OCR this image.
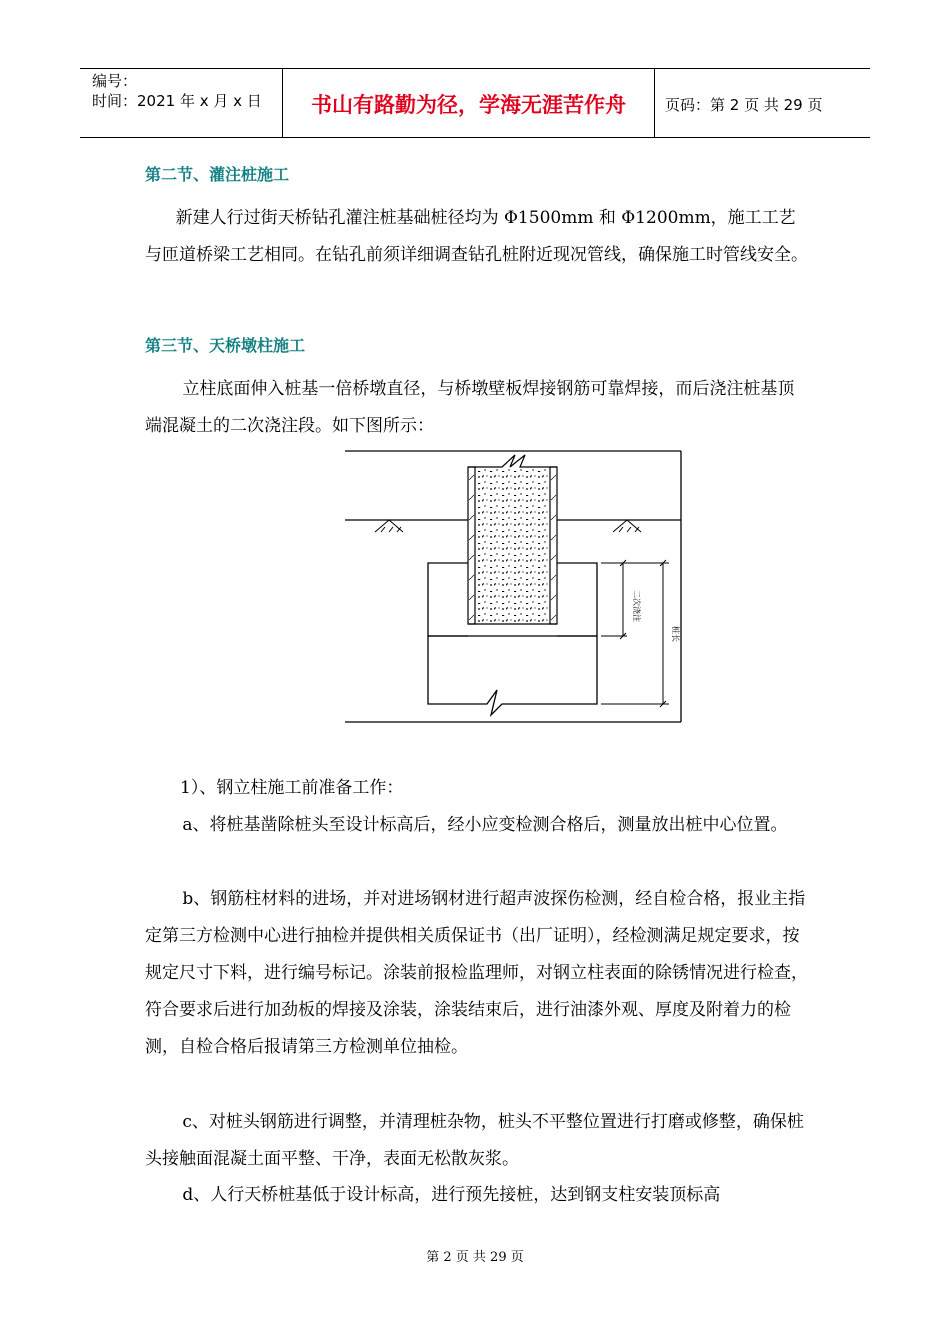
编号：
时间：2021 年 x 月 x 日	书山有路勤为径，学海无涯苦作舟	页码：第 2 页 共 29 页
第二节、灌注桩施工

新建人行过街天桥钻孔灌注桩基础桩径均为 Φ1500mm 和 Φ1200mm，施工工艺与匝道桥梁工艺相同。在钻孔前须详细调查钻孔桩附近现况管线，确保施工时管线安全。

第三节、天桥墩柱施工

立柱底面伸入桩基一倍桥墩直径，与桥墩壁板焊接钢筋可靠焊接，而后浇注桩基顶端混凝土的二次浇注段。如下图所示：

二次浇注
桩长

1）、钢立柱施工前准备工作：

a、将桩基凿除桩头至设计标高后，经小应变检测合格后，测量放出桩中心位置。

b、钢筋柱材料的进场，并对进场钢材进行超声波探伤检测，经自检合格，报业主指定第三方检测中心进行抽检并提供相关质保证书（出厂证明），经检测满足规定要求，按规定尺寸下料，进行编号标记。涂装前报检监理师，对钢立柱表面的除锈情况进行检查，符合要求后进行加劲板的焊接及涂装，涂装结束后，进行油漆外观、厚度及附着力的检测，自检合格后报请第三方检测单位抽检。

c、对桩头钢筋进行调整，并清理桩杂物，桩头不平整位置进行打磨或修整，确保桩头接触面混凝土面平整、干净，表面无松散灰浆。

d、人行天桥桩基低于设计标高，进行预先接桩，达到钢支柱安装顶标高

第 2 页 共 29 页
